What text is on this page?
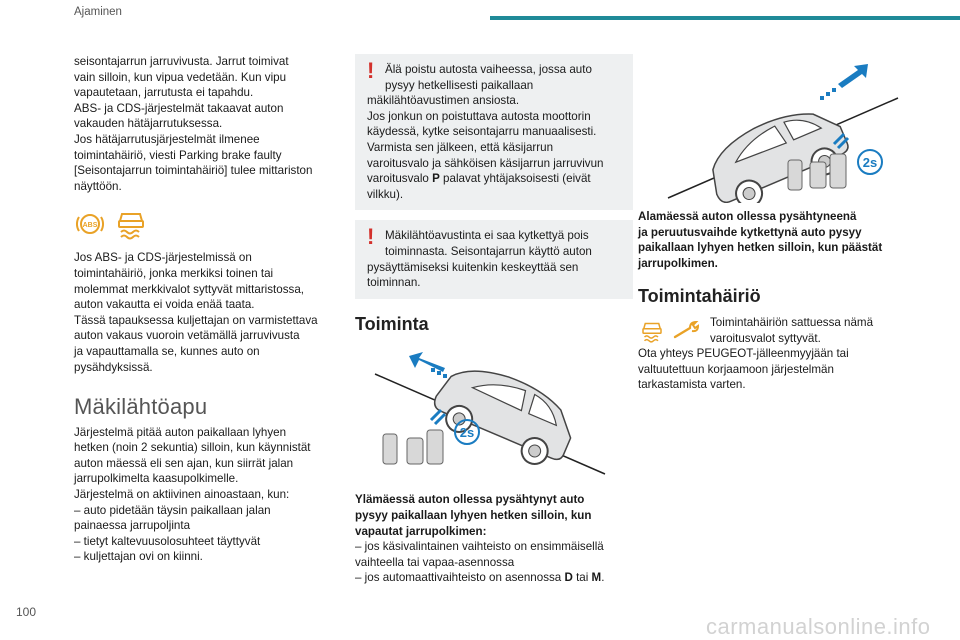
Ajaminen

seisontajarrun jarruvivusta. Jarrut toimivat

vain silloin, kun vipua vedetään. Kun vipu

vapautetaan, jarrutusta ei tapahdu.

ABS- ja CDS-järjestelmät takaavat auton

vakauden hätäjarrutuksessa.

Jos hätäjarrutusjärjestelmät ilmenee

toimintahäiriö, viesti Parking brake faulty

[Seisontajarrun toimintahäiriö] tulee mittariston

näyttöön.

ABS

Jos ABS- ja CDS-järjestelmissä on

toimintahäiriö, jonka merkiksi toinen tai

molemmat merkkivalot syttyvät mittaristossa,

auton vakautta ei voida enää taata.

Tässä tapauksessa kuljettajan on varmistettava

auton vakaus vuoroin vetämällä jarruvivusta

ja vapauttamalla se, kunnes auto on

pysähdyksissä.

Mäkilähtöapu

Järjestelmä pitää auton paikallaan lyhyen

hetken (noin 2 sekuntia) silloin, kun käynnistät

auton mäessä eli sen ajan, kun siirrät jalan

jarrupolkimelta kaasupolkimelle.

Järjestelmä on aktiivinen ainoastaan, kun:

– auto pidetään täysin paikallaan jalan

painaessa jarrupoljinta

– tietyt kaltevuusolosuhteet täyttyvät

– kuljettajan ovi on kiinni.

! Älä poistu autosta vaiheessa, jossa auto
pysyy hetkellisesti paikallaan

mäkilähtöavustimen ansiosta.

Jos jonkun on poistuttava autosta moottorin

käydessä, kytke seisontajarru manuaalisesti.

Varmista sen jälkeen, että käsijarrun

varoitusvalo ja sähköisen käsijarrun jarruvivun

varoitusvalo P palavat yhtäjaksoisesti (eivät

vilkku).

! Mäkilähtöavustinta ei saa kytkettyä pois
toiminnasta. Seisontajarrun käyttö auton

pysäyttämiseksi kuitenkin keskeyttää sen

toiminnan.

Toiminta
2s

Ylämäessä auton ollessa pysähtynyt auto

pysyy paikallaan lyhyen hetken silloin, kun

vapautat jarrupolkimen:

– jos käsivalintainen vaihteisto on ensimmäisellä

vaihteella tai vapaa-asennossa

– jos automaattivaihteisto on asennossa D tai M.

2s

Alamäessä auton ollessa pysähtyneenä

ja peruutusvaihde kytkettynä auto pysyy

paikallaan lyhyen hetken silloin, kun päästät

jarrupolkimen.

Toimintahäiriö

Toimintahäiriön sattuessa nämä

varoitusvalot syttyvät.

Ota yhteys PEUGEOT-jälleenmyyjään tai

valtuutettuun korjaamoon järjestelmän

tarkastamista varten.

100
carmanualsonline.info
